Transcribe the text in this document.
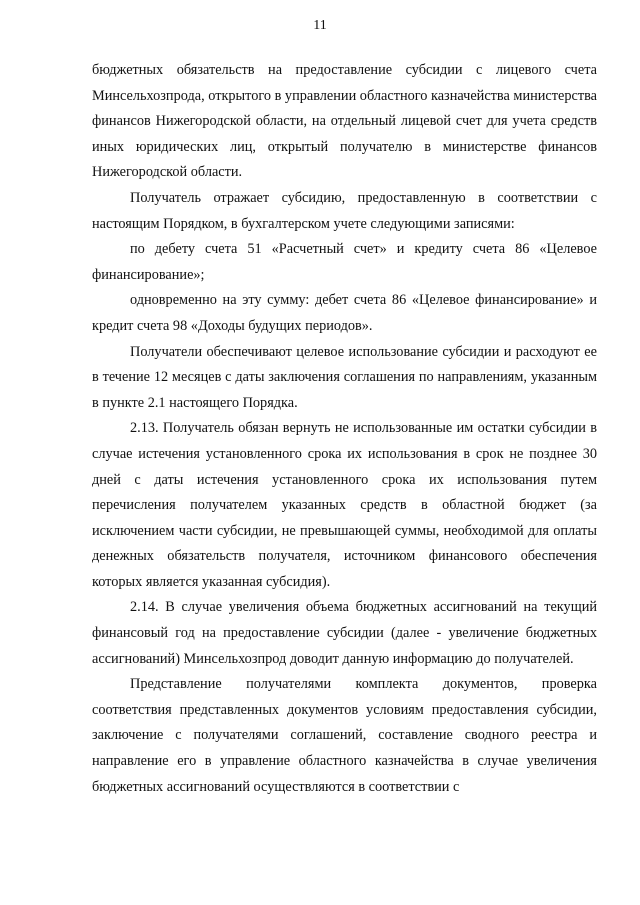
11

бюджетных обязательств на предоставление субсидии с лицевого счета Минсельхозпрода, открытого в управлении областного казначейства министерства финансов Нижегородской области, на отдельный лицевой счет для учета средств иных юридических лиц, открытый получателю в министерстве финансов Нижегородской области.

Получатель отражает субсидию, предоставленную в соответствии с настоящим Порядком, в бухгалтерском учете следующими записями:

по дебету счета 51 «Расчетный счет» и кредиту счета 86 «Целевое финансирование»;

одновременно на эту сумму: дебет счета 86 «Целевое финансирование» и кредит счета 98 «Доходы будущих периодов».

Получатели обеспечивают целевое использование субсидии и расходуют ее в течение 12 месяцев с даты заключения соглашения по направлениям, указанным в пункте 2.1 настоящего Порядка.

2.13. Получатель обязан вернуть не использованные им остатки субсидии в случае истечения установленного срока их использования в срок не позднее 30 дней с даты истечения установленного срока их использования путем перечисления получателем указанных средств в областной бюджет (за исключением части субсидии, не превышающей суммы, необходимой для оплаты денежных обязательств получателя, источником финансового обеспечения которых является указанная субсидия).

2.14. В случае увеличения объема бюджетных ассигнований на текущий финансовый год на предоставление субсидии (далее - увеличение бюджетных ассигнований) Минсельхозпрод доводит данную информацию до получателей.

Представление получателями комплекта документов, проверка соответствия представленных документов условиям предоставления субсидии, заключение с получателями соглашений, составление сводного реестра и направление его в управление областного казначейства в случае увеличения бюджетных ассигнований осуществляются в соответствии с
